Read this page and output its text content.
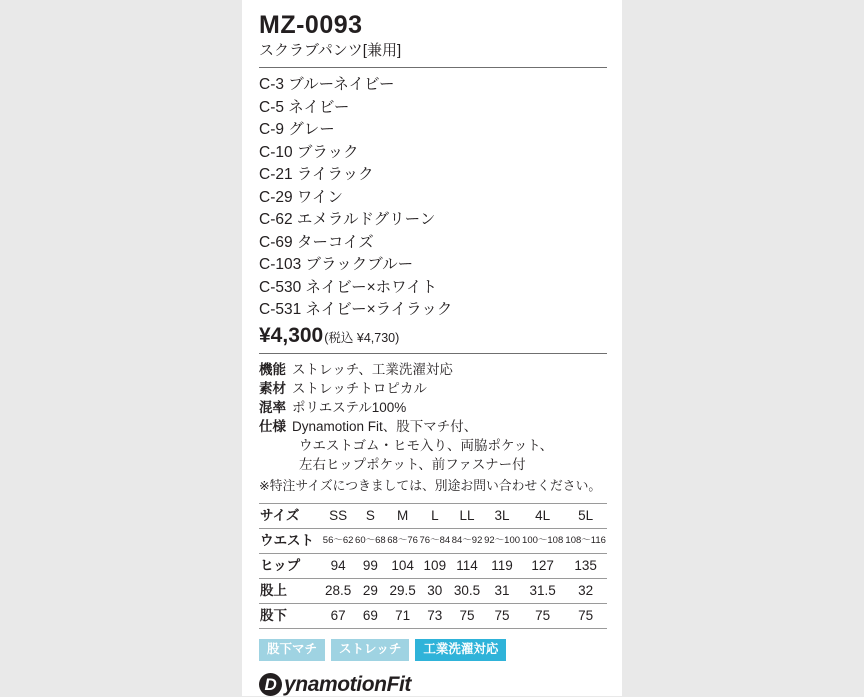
MZ-0093
スクラブパンツ[兼用]
C-3 ブルーネイビー
C-5 ネイビー
C-9 グレー
C-10 ブラック
C-21 ライラック
C-29 ワイン
C-62 エメラルドグリーン
C-69 ターコイズ
C-103 ブラックブルー
C-530 ネイビー×ホワイト
C-531 ネイビー×ライラック
¥4,300(税込 ¥4,730)
機能 ストレッチ、工業洗濯対応
素材 ストレッチトロピカル
混率 ポリエステル100%
仕様 Dynamotion Fit、股下マチ付、
ウエストゴム・ヒモ入り、両脇ポケット、
左右ヒップポケット、前ファスナー付
※特注サイズにつきましては、別途お問い合わせください。
サイズ	SS	S	M	L	LL	3L	4L	5L
ウエスト	56〜62	60〜68	68〜76	76〜84	84〜92	92〜100	100〜108	108〜116
ヒップ	94	99	104	109	114	119	127	135
股上	28.5	29	29.5	30	30.5	31	31.5	32
股下	67	69	71	73	75	75	75	75
股下マチ	ストレッチ	工業洗濯対応
D ynamotionFit
